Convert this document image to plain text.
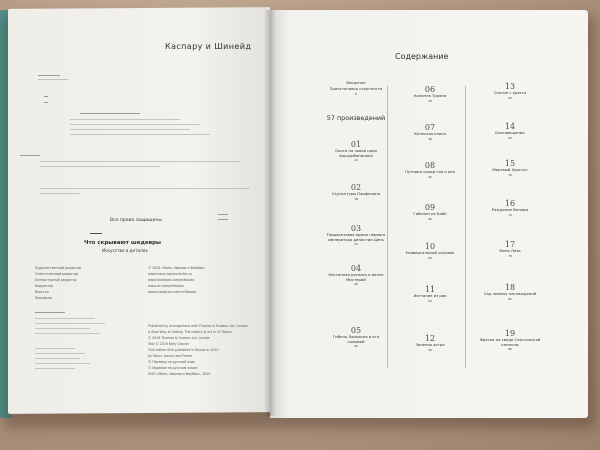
Каспару и Шинейд
Все права защищены
Что скрывают шедевры
Искусство в деталях
Художественный редактор
Ответственный редактор
Литературный редактор
Корректор
Верстка
Продюсер
© 2020 «Манн, Иванов и Фербер»
www.mann-ivanov-ferber.ru
www.facebook.com/mifbooks
www.vk.com/mifbooks
www.instagram.com/mifbooks
Published by arrangement with Thames & Hudson Ltd, London
A Slow Way of Seeing: The history of art in 57 Works
© 2016 Thames & Hudson Ltd, London
Text © 2016 Kelly Grovier
This edition first published in Russia in 2020
by Mann, Ivanov and Ferber
© Перевод на русский язык
© Издание на русском языке
ООО «Манн, Иванов и Фербер», 2020
Содержание
Введение
Приостановка странности
8
57 произведений
01
Охота на львов царя Ашшурбанипала
14
02
Скульптуры Парфенона
18
03
Терракотовая армия первого императора династии Цинь
22
04
Настенная роспись в вилле Мистерий
26
05
Гибель Лаокоона и его сыновей
30
06
Колонна Траяна
34
07
Келлская книга
38
08
Путники среди гор и рек
42
09
Гобелен из Байё
46
10
Универсальный человек
50
11
Изгнание из рая
54
12
Зеленая астра
58
13
Снятие с креста
62
14
Благовещение
66
15
Мертвый Христос
70
16
Рождение Венеры
74
17
Мона Лиза
78
18
Сад земных наслаждений
82
19
Фрески на своде Сикстинской капеллы
86
